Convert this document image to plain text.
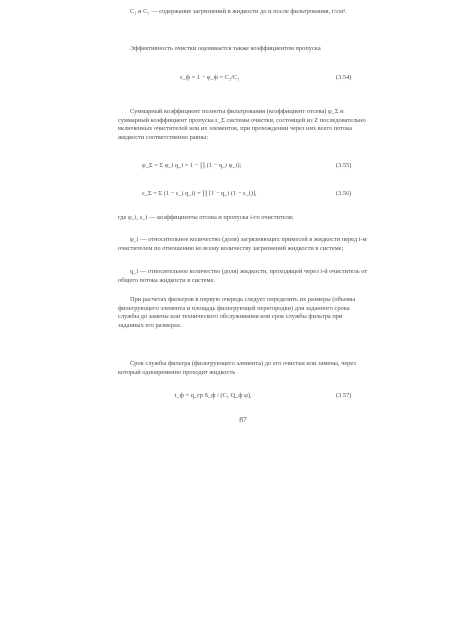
C₁ и C₂ — содержание загрязнений в жидкости до и после фильтрования, г/см³.

Эффективность очистки оценивается также коэффициентом пропуска

ε_ф = 1 − φ_ф = C₂/C₁	(3.54)

Суммарный коэффициент полноты фильтрования (коэффициент отсева) φ_Σ и суммарный коэффициент пропуска ε_Σ системы очистки, состоящей из Z последовательно включенных очистителей или их элементов, при прохождении через них всего потока жидкости соответственно равны:

φ_Σ = Σ φ_i q_i = 1 − ∏ (1 − q_i φ_i);	(3.55)
ε_Σ = Σ (1 − ε_i q_i) = ∏ [1 − q_i (1 − ε_i)],	(3.56)

где φ_i, ε_i — коэффициенты отсева и пропуска i-го очистителя;

φ_i — относительное количество (доля) загрязняющих примесей в жидкости перед i-м очистителем по отношению ко всему количеству загрязнений жидкости в системе;

q_i — относительное количество (доля) жидкости, проходящей через i-й очиститель от общего потока жидкости в системе.

При расчетах фильтров в первую очередь следует определить их размеры (объемы фильтрующего элемента и площадь фильтрующей перегородки) для заданного срока службы до замены или технического обслуживания или срок службы фильтра при заданных его размерах.

Срок службы фильтра (фильтрующего элемента) до его очистки или замены, через который одновременно проходит жидкость

τ_ф = q_гр S_ф / (C₁ Q_ф φ),	(3.57)
87
